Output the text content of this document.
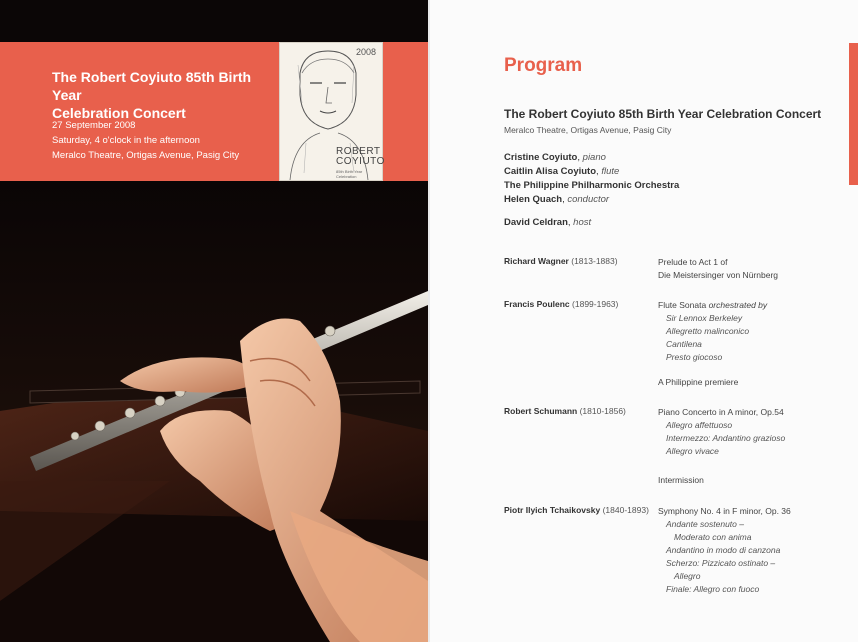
The Robert Coyiuto 85th Birth Year
Celebration Concert
27 September 2008
Saturday, 4 o'clock in the afternoon
Meralco Theatre, Ortigas Avenue, Pasig City
2008
ROBERT
COYIUTO
85th Birth Year Celebration
Program
The Robert Coyiuto 85th Birth Year Celebration Concert
Meralco Theatre, Ortigas Avenue, Pasig City
Cristine Coyiuto, piano
Caitlin Alisa Coyiuto, flute
The Philippine Philharmonic Orchestra
Helen Quach, conductor
David Celdran, host
Richard Wagner (1813-1883)	Prelude to Act 1 of
Die Meistersinger von Nürnberg
Francis Poulenc (1899-1963)	Flute Sonata orchestrated by
Sir Lennox Berkeley
Allegretto malinconico
Cantilena
Presto giocoso
A Philippine premiere
Robert Schumann (1810-1856)	Piano Concerto in A minor, Op.54
Allegro affettuoso
Intermezzo: Andantino grazioso
Allegro vivace
Intermission
Piotr Ilyich Tchaikovsky (1840-1893) Symphony No. 4 in F minor, Op. 36
Andante sostenuto –
Moderato con anima
Andantino in modo di canzona
Scherzo: Pizzicato ostinato –
Allegro
Finale: Allegro con fuoco
